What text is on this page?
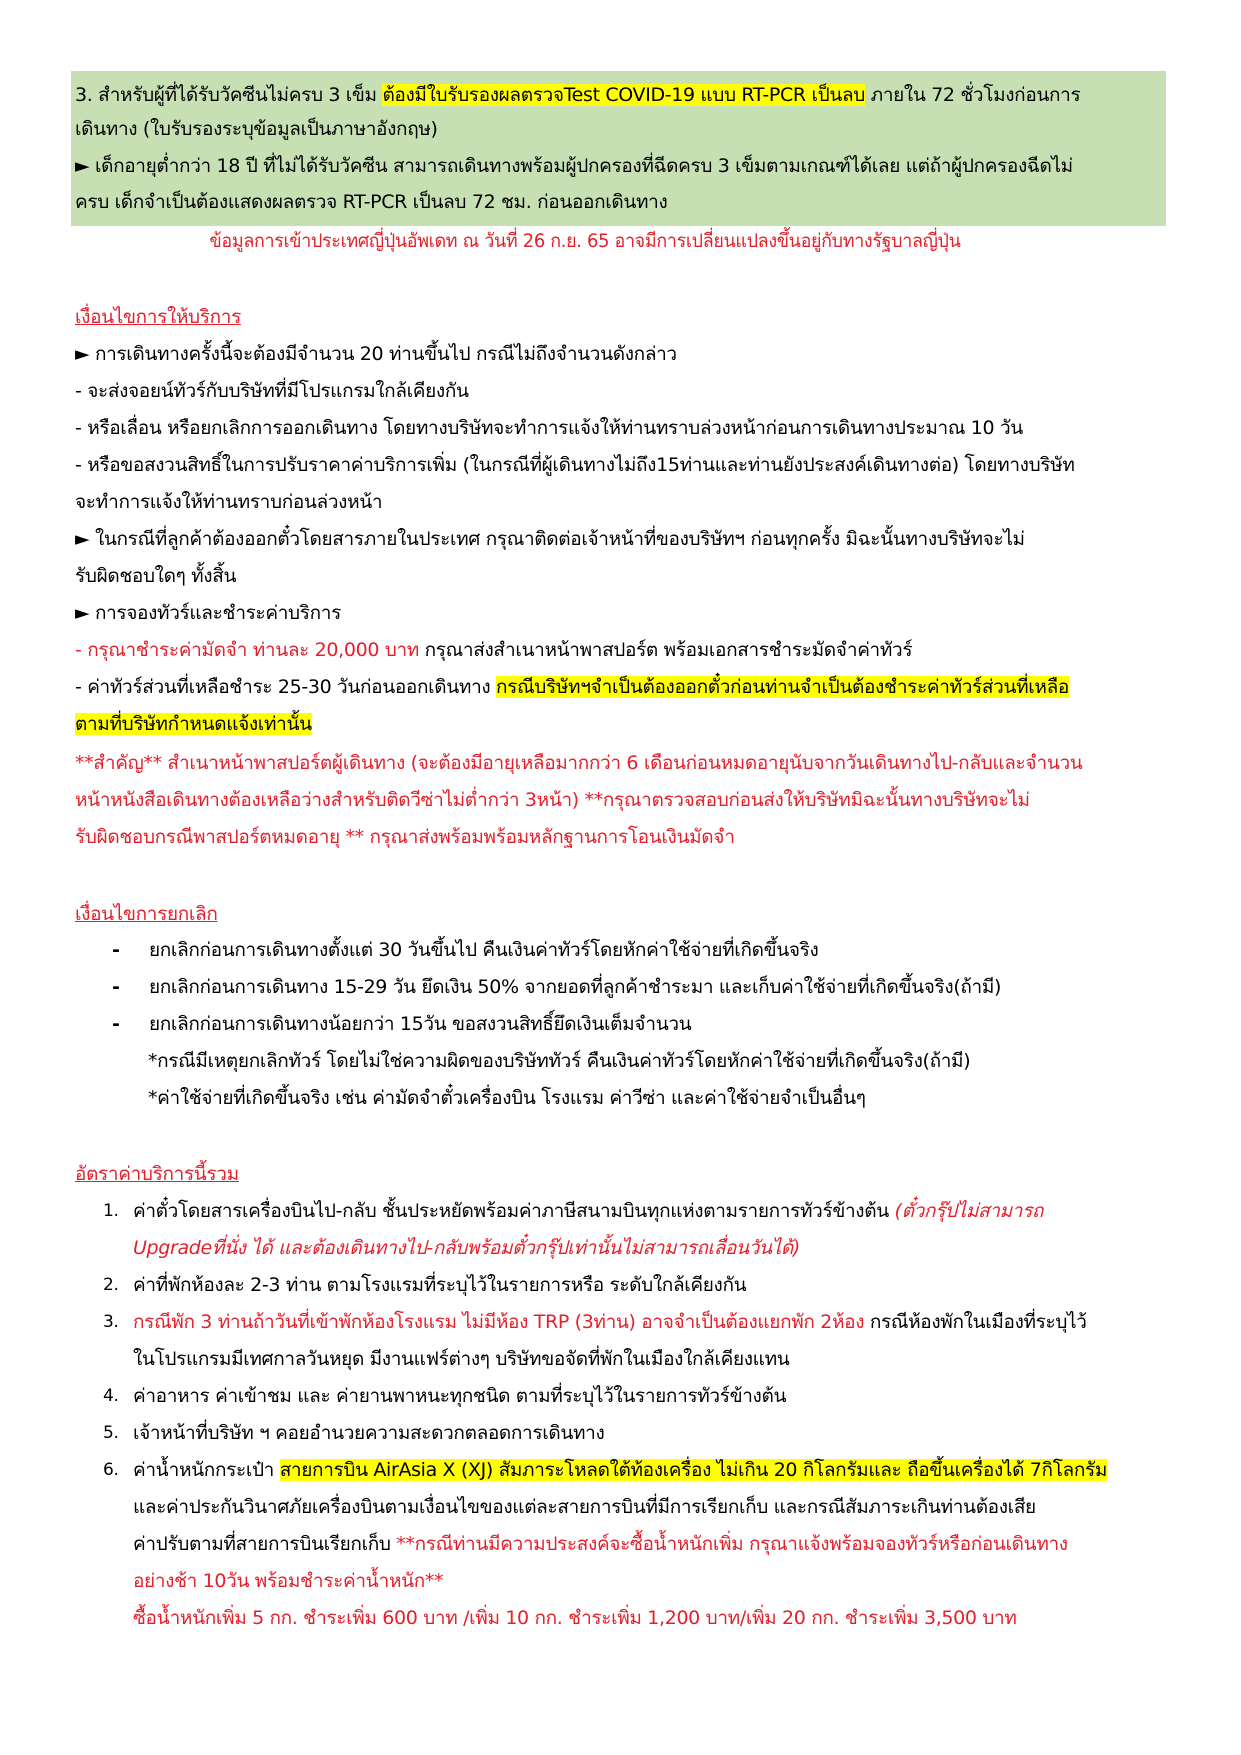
3. สำหรับผู้ที่ได้รับวัคซีนไม่ครบ 3 เข็ม ต้องมีใบรับรองผลตรวจTest COVID-19 แบบ RT-PCR เป็นลบ ภายใน 72 ชั่วโมงก่อนการ
เดินทาง (ใบรับรองระบุข้อมูลเป็นภาษาอังกฤษ)
► เด็กอายุต่ำกว่า 18 ปี ที่ไม่ได้รับวัคซีน สามารถเดินทางพร้อมผู้ปกครองที่ฉีดครบ 3 เข็มตามเกณฑ์ได้เลย แต่ถ้าผู้ปกครองฉีดไม่
ครบ เด็กจำเป็นต้องแสดงผลตรวจ RT-PCR เป็นลบ 72 ชม. ก่อนออกเดินทาง
ข้อมูลการเข้าประเทศญี่ปุ่นอัพเดท ณ วันที่ 26 ก.ย. 65 อาจมีการเปลี่ยนแปลงขึ้นอยู่กับทางรัฐบาลญี่ปุ่น
เงื่อนไขการให้บริการ
► การเดินทางครั้งนี้จะต้องมีจำนวน 20 ท่านขึ้นไป กรณีไม่ถึงจำนวนดังกล่าว
- จะส่งจอยน์ทัวร์กับบริษัทที่มีโปรแกรมใกล้เคียงกัน
- หรือเลื่อน หรือยกเลิกการออกเดินทาง โดยทางบริษัทจะทำการแจ้งให้ท่านทราบล่วงหน้าก่อนการเดินทางประมาณ 10 วัน
- หรือขอสงวนสิทธิ์ในการปรับราคาค่าบริการเพิ่ม (ในกรณีที่ผู้เดินทางไม่ถึง15ท่านและท่านยังประสงค์เดินทางต่อ) โดยทางบริษัท
จะทำการแจ้งให้ท่านทราบก่อนล่วงหน้า
► ในกรณีที่ลูกค้าต้องออกตั๋วโดยสารภายในประเทศ กรุณาติดต่อเจ้าหน้าที่ของบริษัทฯ ก่อนทุกครั้ง มิฉะนั้นทางบริษัทจะไม่
รับผิดชอบใดๆ ทั้งสิ้น
► การจองทัวร์และชำระค่าบริการ
- กรุณาชำระค่ามัดจำ ท่านละ 20,000 บาท กรุณาส่งสำเนาหน้าพาสปอร์ต พร้อมเอกสารชำระมัดจำค่าทัวร์
- ค่าทัวร์ส่วนที่เหลือชำระ 25-30 วันก่อนออกเดินทาง กรณีบริษัทฯจำเป็นต้องออกตั๋วก่อนท่านจำเป็นต้องชำระค่าทัวร์ส่วนที่เหลือ
ตามที่บริษัทกำหนดแจ้งเท่านั้น
**สำคัญ** สำเนาหน้าพาสปอร์ตผู้เดินทาง (จะต้องมีอายุเหลือมากกว่า 6 เดือนก่อนหมดอายุนับจากวันเดินทางไป-กลับและจำนวน
หน้าหนังสือเดินทางต้องเหลือว่างสำหรับติดวีซ่าไม่ต่ำกว่า 3หน้า) **กรุณาตรวจสอบก่อนส่งให้บริษัทมิฉะนั้นทางบริษัทจะไม่
รับผิดชอบกรณีพาสปอร์ตหมดอายุ ** กรุณาส่งพร้อมพร้อมหลักฐานการโอนเงินมัดจำ
เงื่อนไขการยกเลิก
-	ยกเลิกก่อนการเดินทางตั้งแต่ 30 วันขึ้นไป คืนเงินค่าทัวร์โดยหักค่าใช้จ่ายที่เกิดขึ้นจริง
-	ยกเลิกก่อนการเดินทาง 15-29 วัน ยึดเงิน 50% จากยอดที่ลูกค้าชำระมา และเก็บค่าใช้จ่ายที่เกิดขึ้นจริง(ถ้ามี)
-	ยกเลิกก่อนการเดินทางน้อยกว่า 15วัน ขอสงวนสิทธิ์ยึดเงินเต็มจำนวน
*กรณีมีเหตุยกเลิกทัวร์ โดยไม่ใช่ความผิดของบริษัททัวร์ คืนเงินค่าทัวร์โดยหักค่าใช้จ่ายที่เกิดขึ้นจริง(ถ้ามี)
*ค่าใช้จ่ายที่เกิดขึ้นจริง เช่น ค่ามัดจำตั๋วเครื่องบิน โรงแรม ค่าวีซ่า และค่าใช้จ่ายจำเป็นอื่นๆ
อัตราค่าบริการนี้รวม
1. ค่าตั๋วโดยสารเครื่องบินไป-กลับ ชั้นประหยัดพร้อมค่าภาษีสนามบินทุกแห่งตามรายการทัวร์ข้างต้น (ตั๋วกรุ๊ปไม่สามารถ
Upgradeที่นั่ง ได้ และต้องเดินทางไป-กลับพร้อมตั๋วกรุ๊ปเท่านั้นไม่สามารถเลื่อนวันได้)
2. ค่าที่พักห้องละ 2-3 ท่าน ตามโรงแรมที่ระบุไว้ในรายการหรือ ระดับใกล้เคียงกัน
3. กรณีพัก 3 ท่านถ้าวันที่เข้าพักห้องโรงแรม ไม่มีห้อง TRP (3ท่าน) อาจจำเป็นต้องแยกพัก 2ห้อง กรณีห้องพักในเมืองที่ระบุไว้
ในโปรแกรมมีเทศกาลวันหยุด มีงานแฟร์ต่างๆ บริษัทขอจัดที่พักในเมืองใกล้เคียงแทน
4. ค่าอาหาร ค่าเข้าชม และ ค่ายานพาหนะทุกชนิด ตามที่ระบุไว้ในรายการทัวร์ข้างต้น
5. เจ้าหน้าที่บริษัท ฯ คอยอำนวยความสะดวกตลอดการเดินทาง
6. ค่าน้ำหนักกระเป๋า สายการบิน AirAsia X (XJ) สัมภาระโหลดใต้ท้องเครื่อง ไม่เกิน 20 กิโลกรัมและ ถือขึ้นเครื่องได้ 7กิโลกรัม
และค่าประกันวินาศภัยเครื่องบินตามเงื่อนไขของแต่ละสายการบินที่มีการเรียกเก็บ และกรณีสัมภาระเกินท่านต้องเสีย
ค่าปรับตามที่สายการบินเรียกเก็บ **กรณีท่านมีความประสงค์จะซื้อน้ำหนักเพิ่ม กรุณาแจ้งพร้อมจองทัวร์หรือก่อนเดินทาง
อย่างช้า 10วัน พร้อมชำระค่าน้ำหนัก**
ซื้อน้ำหนักเพิ่ม 5 กก. ชำระเพิ่ม 600 บาท /เพิ่ม 10 กก. ชำระเพิ่ม 1,200 บาท/เพิ่ม 20 กก. ชำระเพิ่ม 3,500 บาท
